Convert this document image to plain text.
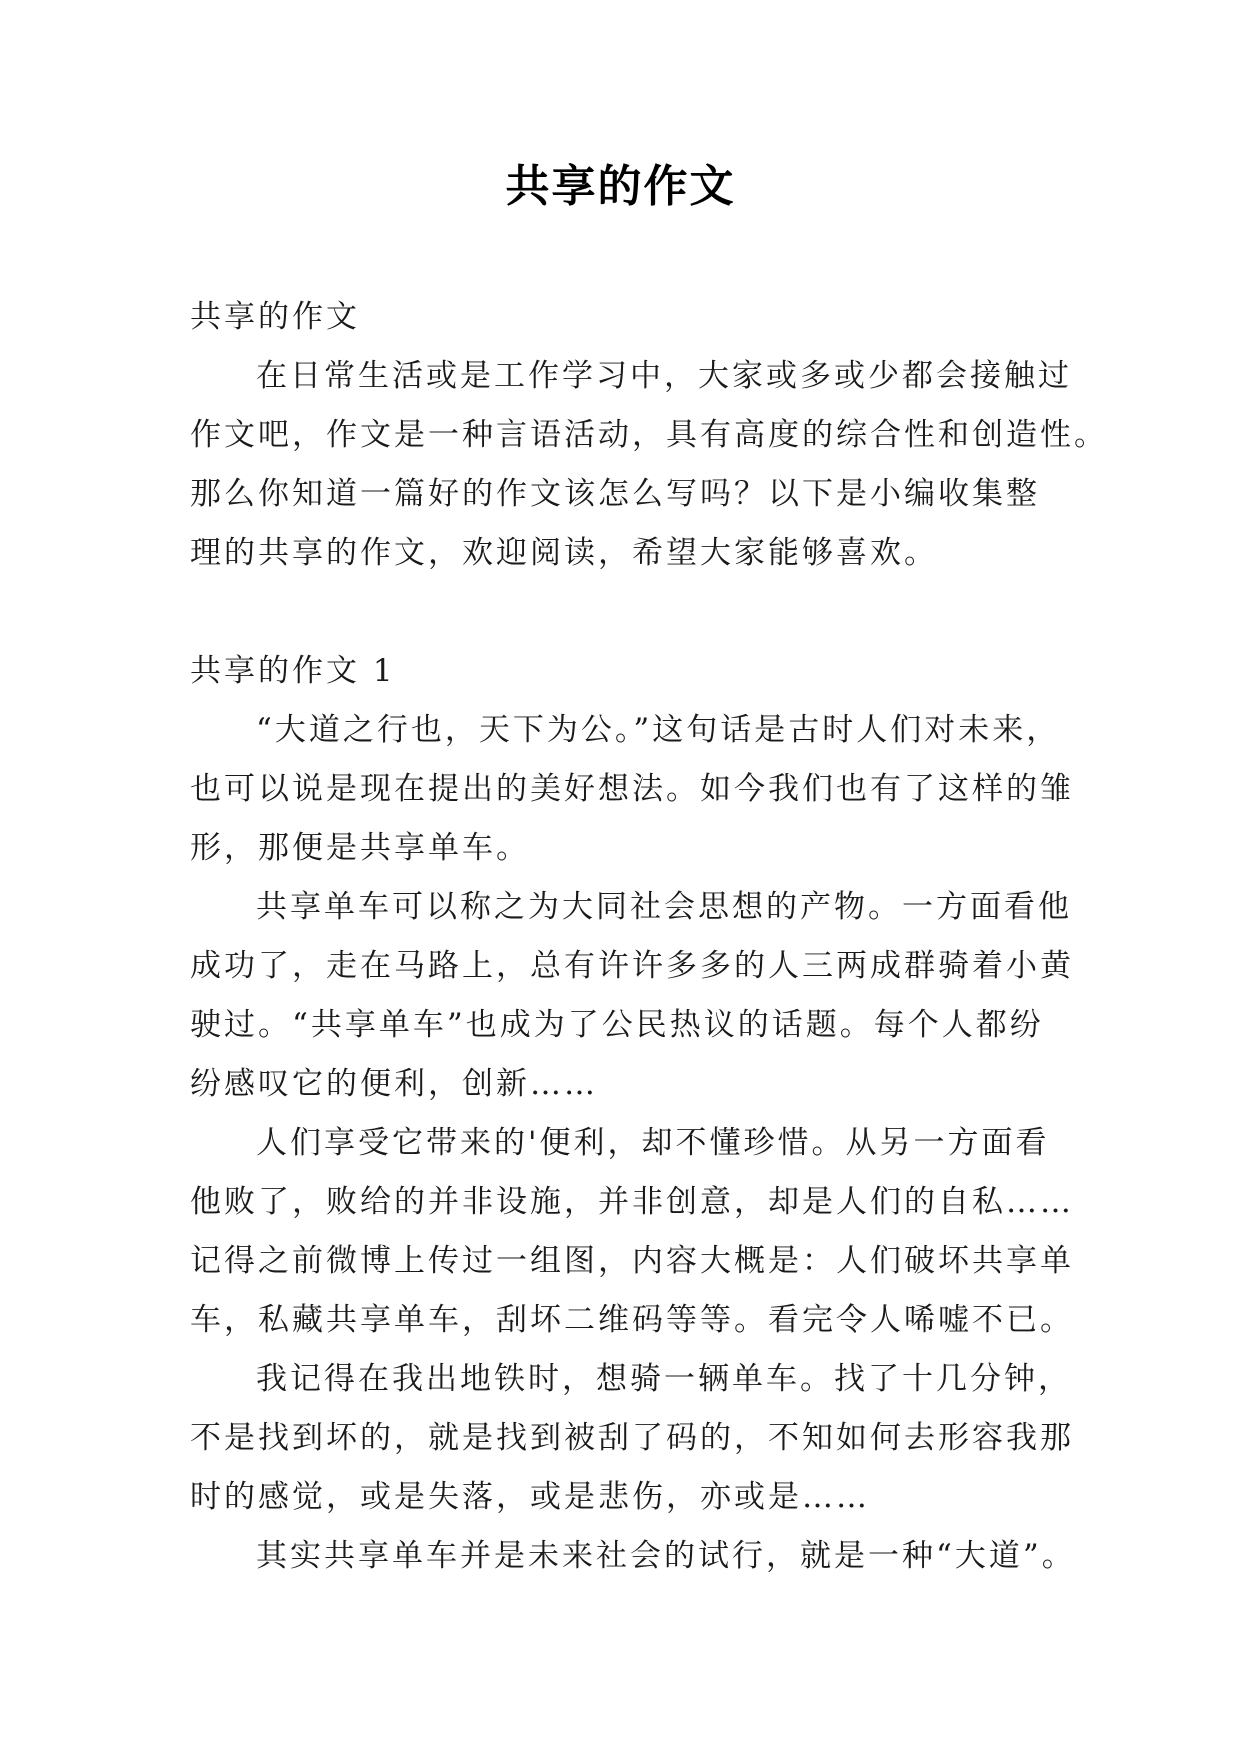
共享的作文

共享的作文

在日常生活或是工作学习中，大家或多或少都会接触过

作文吧，作文是一种言语活动，具有高度的综合性和创造性。

那么你知道一篇好的作文该怎么写吗？以下是小编收集整

理的共享的作文，欢迎阅读，希望大家能够喜欢。

共享的作文 1

“大道之行也，天下为公。”这句话是古时人们对未来，

也可以说是现在提出的美好想法。如今我们也有了这样的雏

形，那便是共享单车。

共享单车可以称之为大同社会思想的产物。一方面看他

成功了，走在马路上，总有许许多多的人三两成群骑着小黄

驶过。“共享单车”也成为了公民热议的话题。每个人都纷

纷感叹它的便利，创新……

人们享受它带来的'便利，却不懂珍惜。从另一方面看

他败了，败给的并非设施，并非创意，却是人们的自私……

记得之前微博上传过一组图，内容大概是：人们破坏共享单

车，私藏共享单车，刮坏二维码等等。看完令人唏嘘不已。

我记得在我出地铁时，想骑一辆单车。找了十几分钟，

不是找到坏的，就是找到被刮了码的，不知如何去形容我那

时的感觉，或是失落，或是悲伤，亦或是……

其实共享单车并是未来社会的试行，就是一种“大道”。
